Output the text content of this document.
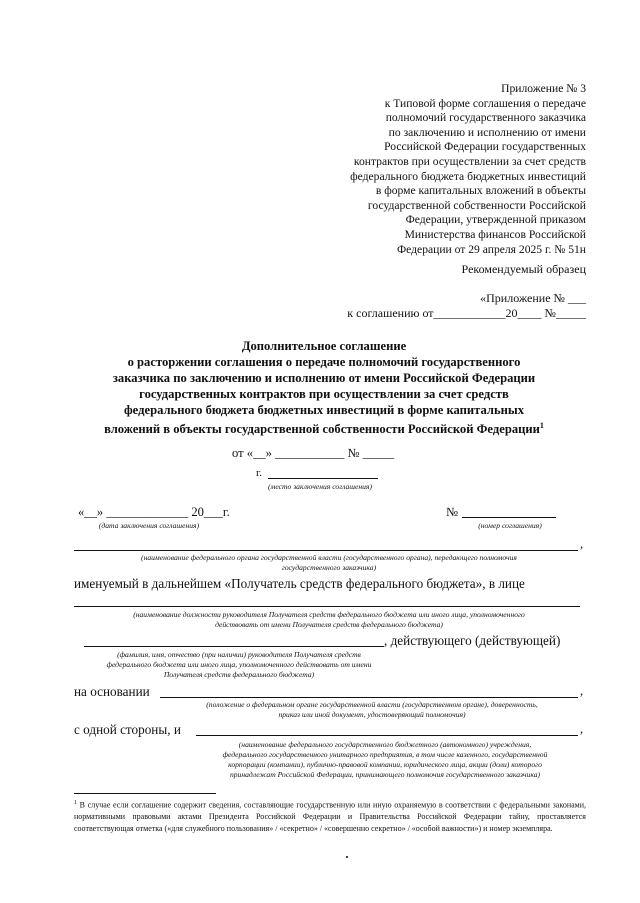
Приложение № 3
к Типовой форме соглашения о передаче
полномочий государственного заказчика
по заключению и исполнению от имени
Российской Федерации государственных
контрактов при осуществлении за счет средств
федерального бюджета бюджетных инвестиций
в форме капитальных вложений в объекты
государственной собственности Российской
Федерации, утвержденной приказом
Министерства финансов Российской
Федерации от 29 апреля 2025 г. № 51н
Рекомендуемый образец
«Приложение № ___
к соглашению от____________20____ №_____
Дополнительное соглашение
о расторжении соглашения о передаче полномочий государственного
заказчика по заключению и исполнению от имени Российской Федерации
государственных контрактов при осуществлении за счет средств
федерального бюджета бюджетных инвестиций в форме капитальных
вложений в объекты государственной собственности Российской Федерации$^1$
от «__» ___________ № _____
г.
(место заключения соглашения)
«__» _____________ 20___г.
(дата заключения соглашения)
№
(номер соглашения)
,
(наименование федерального органа государственной власти (государственного органа), передающего полномочия
государственного заказчика)
именуемый в дальнейшем «Получатель средств федерального бюджета», в лице
(наименование должности руководителя Получателя средств федерального бюджета или иного лица, уполномоченного
действовать от имени Получателя средств федерального бюджета)
, действующего (действующей)
(фамилия, имя, отчество (при наличии) руководителя Получателя средств
федерального бюджета или иного лица, уполномоченного действовать от имени
Получателя средств федерального бюджета)
на основании	,
(положение о федеральном органе государственной власти (государственном органе), доверенность,
приказ или иной документ, удостоверяющий полномочия)
с одной стороны, и	,
(наименование федерального государственного бюджетного (автономного) учреждения,
федерального государственного унитарного предприятия, в том числе казенного, государственной
корпорации (компании), публично-правовой компании, юридического лица, акции (доли) которого
принадлежат Российской Федерации, принимающего полномочия государственного заказчика)
$^1$ В случае если соглашение содержит сведения, составляющие государственную или иную охраняемую в соответствии с федеральными законами, нормативными правовыми актами Президента Российской Федерации и Правительства Российской Федерации тайну, проставляется соответствующая отметка («для служебного пользования» / «секретно» / «совершенно секретно» / «особой важности») и номер экземпляра.
